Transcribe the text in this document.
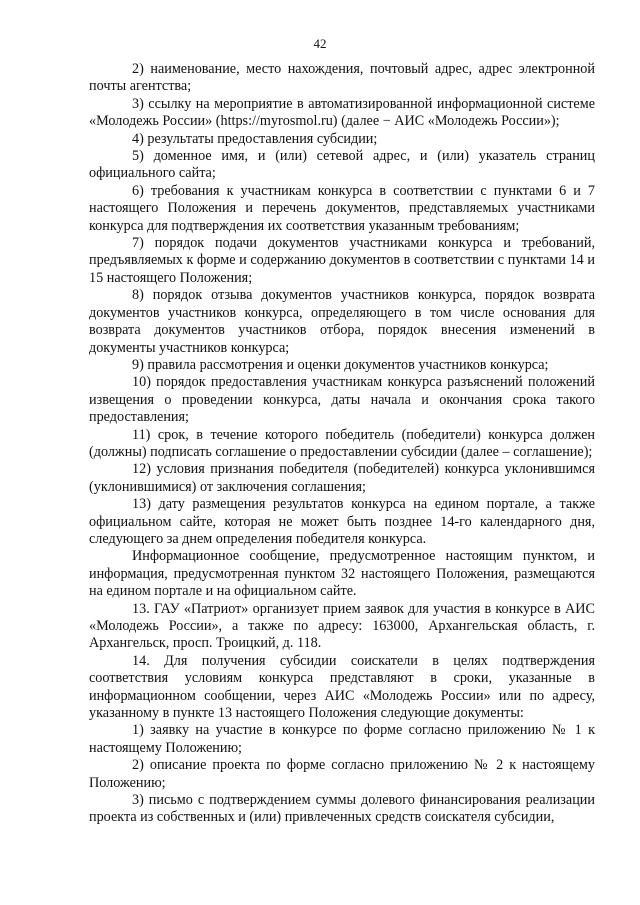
42

2) наименование, место нахождения, почтовый адрес, адрес электронной почты агентства;

3) ссылку на мероприятие в автоматизированной информационной системе «Молодежь России» (https://myrosmol.ru) (далее − АИС «Молодежь России»);

4) результаты предоставления субсидии;

5) доменное имя, и (или) сетевой адрес, и (или) указатель страниц официального сайта;

6) требования к участникам конкурса в соответствии с пунктами 6 и 7 настоящего Положения и перечень документов, представляемых участниками конкурса для подтверждения их соответствия указанным требованиям;

7) порядок подачи документов участниками конкурса и требований, предъявляемых к форме и содержанию документов в соответствии с пунктами 14 и 15 настоящего Положения;

8) порядок отзыва документов участников конкурса, порядок возврата документов участников конкурса, определяющего в том числе основания для возврата документов участников отбора, порядок внесения изменений в документы участников конкурса;

9) правила рассмотрения и оценки документов участников конкурса;

10) порядок предоставления участникам конкурса разъяснений положений извещения о проведении конкурса, даты начала и окончания срока такого предоставления;

11) срок, в течение которого победитель (победители) конкурса должен (должны) подписать соглашение о предоставлении субсидии (далее – соглашение);

12) условия признания победителя (победителей) конкурса уклонившимся (уклонившимися) от заключения соглашения;

13) дату размещения результатов конкурса на едином портале, а также официальном сайте, которая не может быть позднее 14-го календарного дня, следующего за днем определения победителя конкурса.

Информационное сообщение, предусмотренное настоящим пунктом, и информация, предусмотренная пунктом 32 настоящего Положения, размещаются на едином портале и на официальном сайте.

13. ГАУ «Патриот» организует прием заявок для участия в конкурсе в АИС «Молодежь России», а также по адресу: 163000, Архангельская область, г. Архангельск, просп. Троицкий, д. 118.

14. Для получения субсидии соискатели в целях подтверждения соответствия условиям конкурса представляют в сроки, указанные в информационном сообщении, через АИС «Молодежь России» или по адресу, указанному в пункте 13 настоящего Положения следующие документы:

1) заявку на участие в конкурсе по форме согласно приложению № 1 к настоящему Положению;

2) описание проекта по форме согласно приложению № 2 к настоящему Положению;

3) письмо с подтверждением суммы долевого финансирования реализации проекта из собственных и (или) привлеченных средств соискателя субсидии,
